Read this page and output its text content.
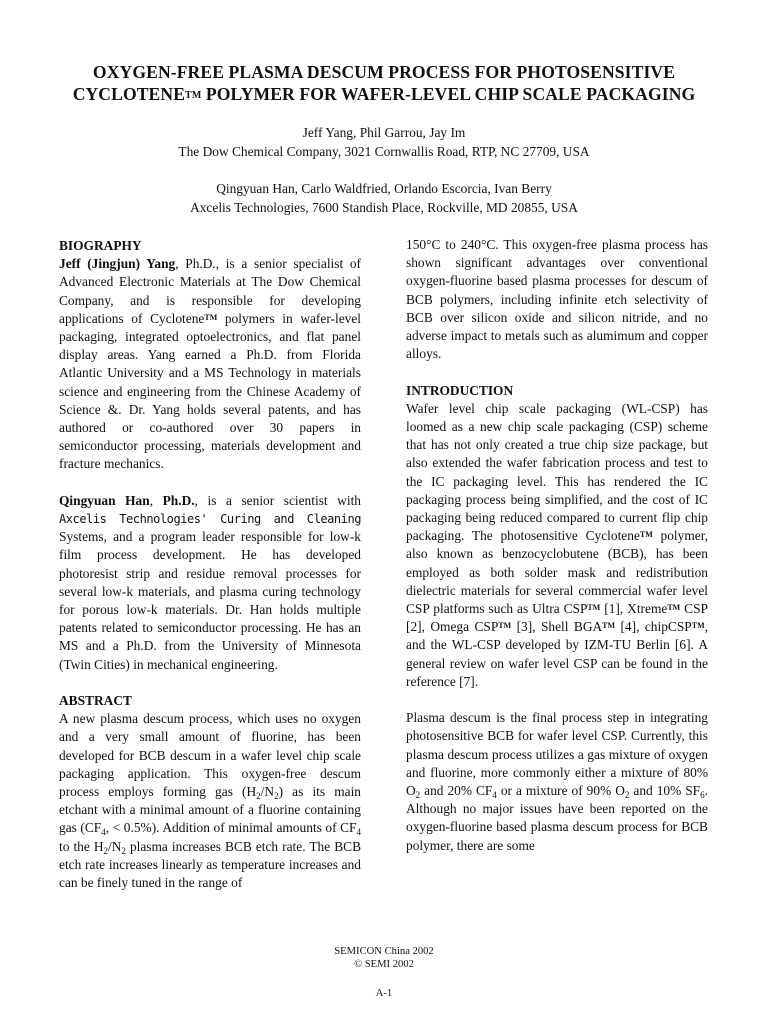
OXYGEN-FREE PLASMA DESCUM PROCESS FOR PHOTOSENSITIVE
CYCLOTENETM POLYMER FOR WAFER-LEVEL CHIP SCALE PACKAGING
Jeff Yang, Phil Garrou, Jay Im
The Dow Chemical Company, 3021 Cornwallis Road, RTP, NC 27709, USA
Qingyuan Han, Carlo Waldfried, Orlando Escorcia, Ivan Berry
Axcelis Technologies, 7600 Standish Place, Rockville, MD 20855, USA
BIOGRAPHY

Jeff (Jingjun) Yang, Ph.D., is a senior specialist of Advanced Electronic Materials at The Dow Chemical Company, and is responsible for developing applications of Cyclotene™ polymers in wafer-level packaging, integrated optoelectronics, and flat panel display areas. Yang earned a Ph.D. from Florida Atlantic University and a MS Technology in materials science and engineering from the Chinese Academy of Science &. Dr. Yang holds several patents, and has authored or co-authored over 30 papers in semiconductor processing, materials development and fracture mechanics.

Qingyuan Han, Ph.D., is a senior scientist with Axcelis Technologies' Curing and Cleaning Systems, and a program leader responsible for low-k film process development. He has developed photoresist strip and residue removal processes for several low-k materials, and plasma curing technology for porous low-k materials. Dr. Han holds multiple patents related to semiconductor processing. He has an MS and a Ph.D. from the University of Minnesota (Twin Cities) in mechanical engineering.

ABSTRACT

A new plasma descum process, which uses no oxygen and a very small amount of fluorine, has been developed for BCB descum in a wafer level chip scale packaging application. This oxygen-free descum process employs forming gas $(H_2/N_2)$ as its main etchant with a minimal amount of a fluorine containing gas ($CF_4$, < 0.5%). Addition of minimal amounts of $CF_4$ to the $H_2/N_2$ plasma increases BCB etch rate. The BCB etch rate increases linearly as temperature increases and can be finely tuned in the range of

150°C to 240°C. This oxygen-free plasma process has shown significant advantages over conventional oxygen-fluorine based plasma processes for descum of BCB polymers, including infinite etch selectivity of BCB over silicon oxide and silicon nitride, and no adverse impact to metals such as alumimum and copper alloys.

INTRODUCTION

Wafer level chip scale packaging (WL-CSP) has loomed as a new chip scale packaging (CSP) scheme that has not only created a true chip size package, but also extended the wafer fabrication process and test to the IC packaging level. This has rendered the IC packaging process being simplified, and the cost of IC packaging being reduced compared to current flip chip packaging. The photosensitive Cyclotene™ polymer, also known as benzocyclobutene (BCB), has been employed as both solder mask and redistribution dielectric materials for several commercial wafer level CSP platforms such as Ultra CSP™ [1], Xtreme™ CSP [2], Omega CSP™ [3], Shell BGA™ [4], chipCSP™, and the WL-CSP developed by IZM-TU Berlin [6]. A general review on wafer level CSP can be found in the reference [7].

Plasma descum is the final process step in integrating photosensitive BCB for wafer level CSP. Currently, this plasma descum process utilizes a gas mixture of oxygen and fluorine, more commonly either a mixture of 80% $O_2$ and 20% $CF_4$ or a mixture of 90% $O_2$ and 10% $SF_6$. Although no major issues have been reported on the oxygen-fluorine based plasma descum process for BCB polymer, there are some

SEMICON China 2002
© SEMI 2002
A-1
